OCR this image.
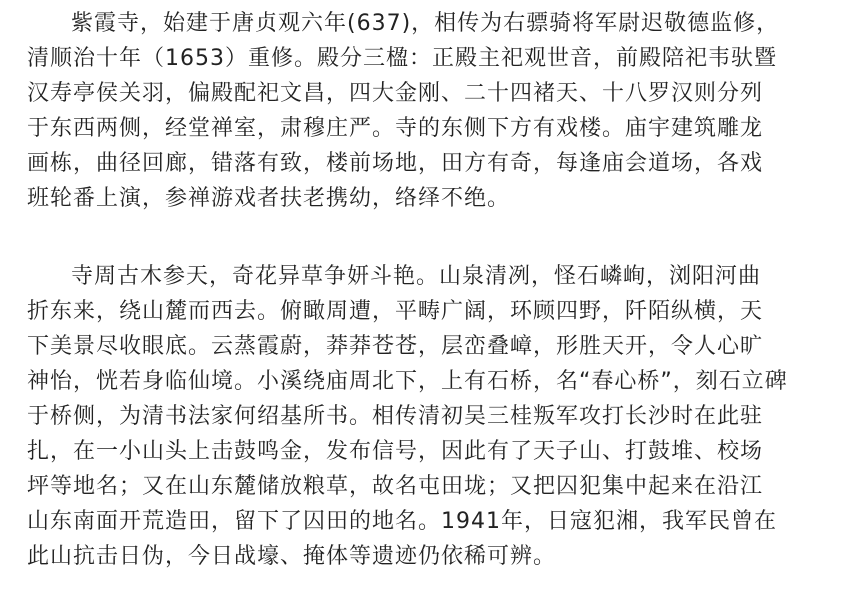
紫霞寺，始建于唐贞观六年(637)，相传为右骠骑将军尉迟敬德监修，
清顺治十年（1653）重修。殿分三楹：正殿主祀观世音，前殿陪祀韦驮暨
汉寿亭侯关羽，偏殿配祀文昌，四大金刚、二十四褚天、十八罗汉则分列
于东西两侧，经堂禅室，肃穆庄严。寺的东侧下方有戏楼。庙宇建筑雕龙
画栋，曲径回廊，错落有致，楼前场地，田方有奇，每逢庙会道场，各戏
班轮番上演，参禅游戏者扶老携幼，络绎不绝。
寺周古木参天，奇花异草争妍斗艳。山泉清冽，怪石嶙峋，浏阳河曲
折东来，绕山麓而西去。俯瞰周遭，平畴广阔，环顾四野，阡陌纵横，天
下美景尽收眼底。云蒸霞蔚，莽莽苍苍，层峦叠嶂，形胜天开，令人心旷
神怡，恍若身临仙境。小溪绕庙周北下，上有石桥，名“春心桥”，刻石立碑
于桥侧，为清书法家何绍基所书。相传清初吴三桂叛军攻打长沙时在此驻
扎，在一小山头上击鼓鸣金，发布信号，因此有了天子山、打鼓堆、校场
坪等地名；又在山东麓储放粮草，故名屯田垅；又把囚犯集中起来在沿江
山东南面开荒造田，留下了囚田的地名。1941年，日寇犯湘，我军民曾在
此山抗击日伪，今日战壕、掩体等遗迹仍依稀可辨。
